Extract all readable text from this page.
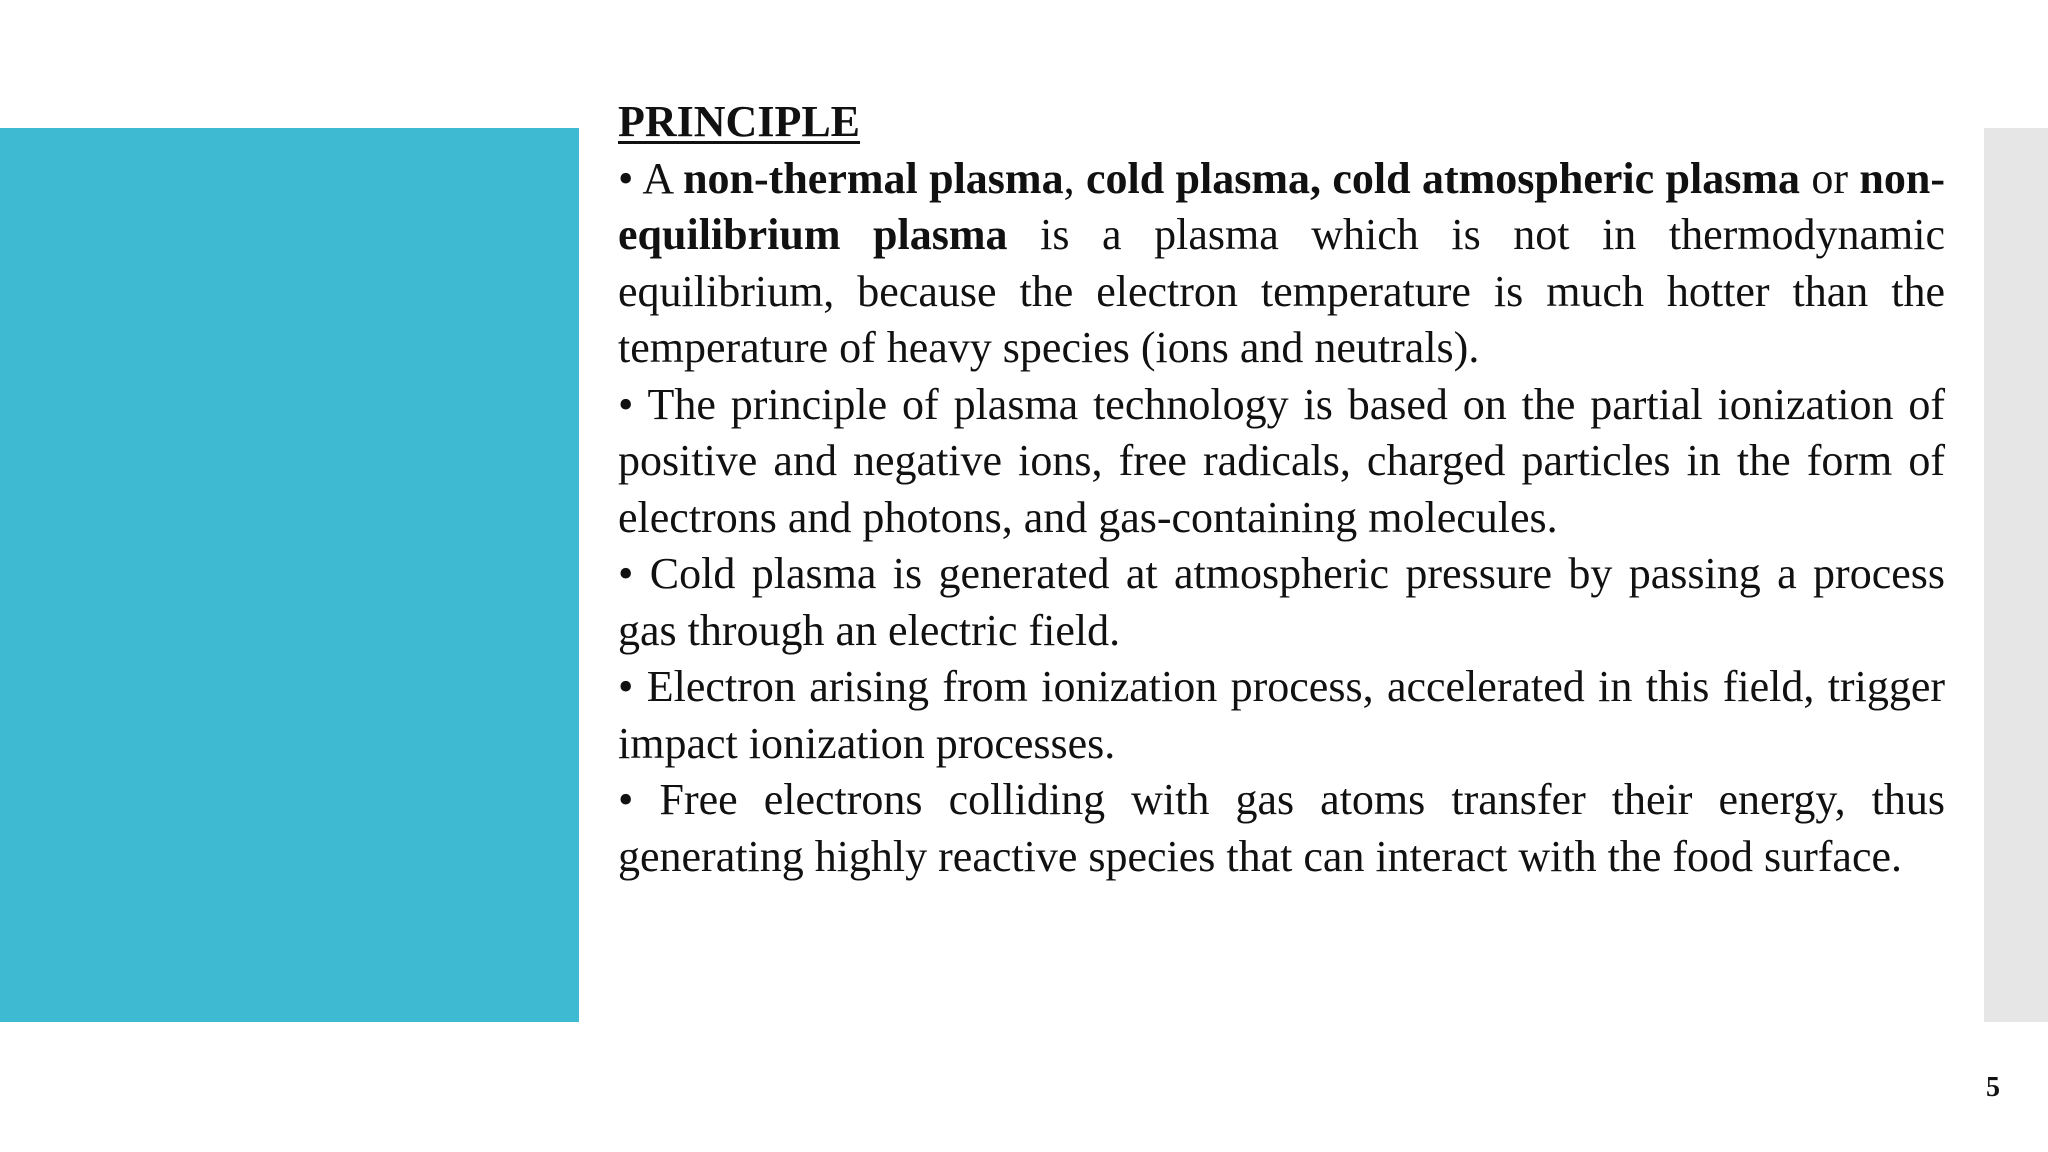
PRINCIPLE

• A non-thermal plasma, cold plasma, cold atmospheric plasma or non-equilibrium plasma is a plasma which is not in thermodynamic equilibrium, because the electron temperature is much hotter than the temperature of heavy species (ions and neutrals).

• The principle of plasma technology is based on the partial ionization of positive and negative ions, free radicals, charged particles in the form of electrons and photons, and gas-containing molecules.

• Cold plasma is generated at atmospheric pressure by passing a process gas through an electric field.

• Electron arising from ionization process, accelerated in this field, trigger impact ionization processes.

• Free electrons colliding with gas atoms transfer their energy, thus generating highly reactive species that can interact with the food surface.

5
